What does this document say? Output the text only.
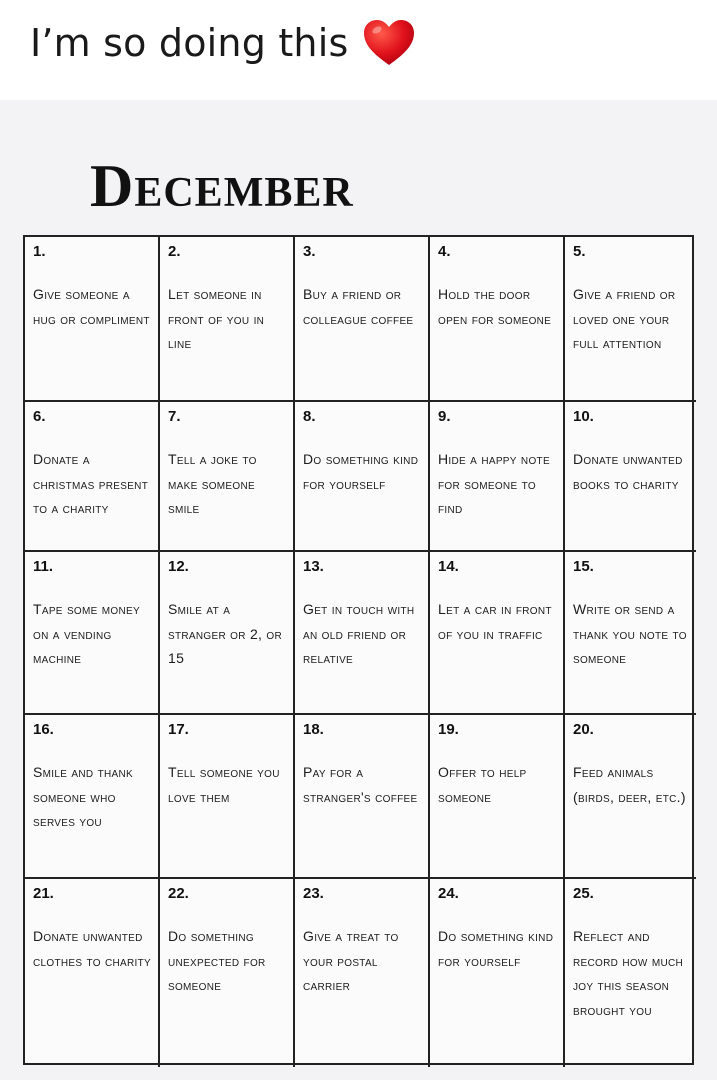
I’m so doing this
December
1.
Give someone a hug or compliment
2.
Let someone in front of you in line
3.
Buy a friend or colleague coffee
4.
Hold the door open for someone
5.
Give a friend or loved one your full attention
6.
Donate a christmas present to a charity
7.
Tell a joke to make someone smile
8.
Do something kind for yourself
9.
Hide a happy note for someone to find
10.
Donate unwanted books to charity
11.
Tape some money on a vending machine
12.
Smile at a stranger or 2, or 15
13.
Get in touch with an old friend or relative
14.
Let a car in front of you in traffic
15.
Write or send a thank you note to someone
16.
Smile and thank someone who serves you
17.
Tell someone you love them
18.
Pay for a stranger's coffee
19.
Offer to help someone
20.
Feed animals (birds, deer, etc.)
21.
Donate unwanted clothes to charity
22.
Do something unexpected for someone
23.
Give a treat to your postal carrier
24.
Do something kind for yourself
25.
Reflect and record how much joy this season brought you
